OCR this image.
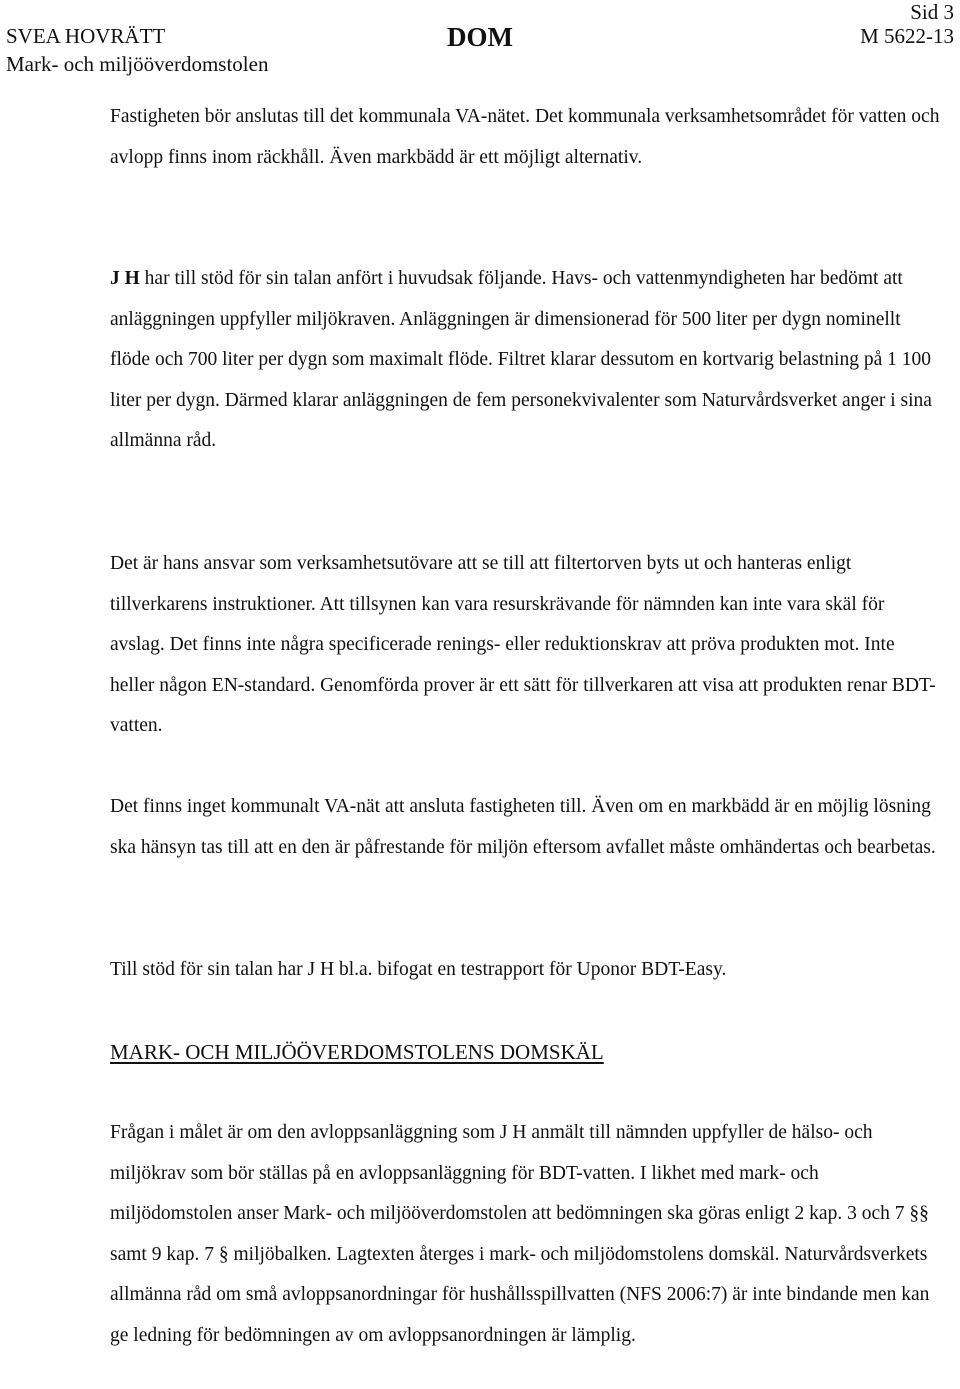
SVEA HOVRÄTT
Mark- och miljööverdomstolen
DOM
Sid 3
M 5622-13

Fastigheten bör anslutas till det kommunala VA-nätet. Det kommunala verksamhetsområdet för vatten och avlopp finns inom räckhåll. Även markbädd är ett möjligt alternativ.

J H har till stöd för sin talan anfört i huvudsak följande. Havs- och vattenmyndigheten har bedömt att anläggningen uppfyller miljökraven. Anläggningen är dimensionerad för 500 liter per dygn nominellt flöde och 700 liter per dygn som maximalt flöde. Filtret klarar dessutom en kortvarig belastning på 1 100 liter per dygn. Därmed klarar anläggningen de fem personekvivalenter som Naturvårdsverket anger i sina allmänna råd.

Det är hans ansvar som verksamhetsutövare att se till att filtertorven byts ut och hanteras enligt tillverkarens instruktioner. Att tillsynen kan vara resurskrävande för nämnden kan inte vara skäl för avslag. Det finns inte några specificerade renings- eller reduktionskrav att pröva produkten mot. Inte heller någon EN-standard. Genomförda prover är ett sätt för tillverkaren att visa att produkten renar BDT-vatten.

Det finns inget kommunalt VA-nät att ansluta fastigheten till. Även om en markbädd är en möjlig lösning ska hänsyn tas till att en den är påfrestande för miljön eftersom avfallet måste omhändertas och bearbetas.

Till stöd för sin talan har J H bl.a. bifogat en testrapport för Uponor BDT-Easy.

MARK- OCH MILJÖÖVERDOMSTOLENS DOMSKÄL

Frågan i målet är om den avloppsanläggning som J H anmält till nämnden uppfyller de hälso- och miljökrav som bör ställas på en avloppsanläggning för BDT-vatten. I likhet med mark- och miljödomstolen anser Mark- och miljööverdomstolen att bedömningen ska göras enligt 2 kap. 3 och 7 §§ samt 9 kap. 7 § miljöbalken. Lagtexten återges i mark- och miljödomstolens domskäl. Naturvårdsverkets allmänna råd om små avloppsanordningar för hushållsspillvatten (NFS 2006:7) är inte bindande men kan ge ledning för bedömningen av om avloppsanordningen är lämplig.
